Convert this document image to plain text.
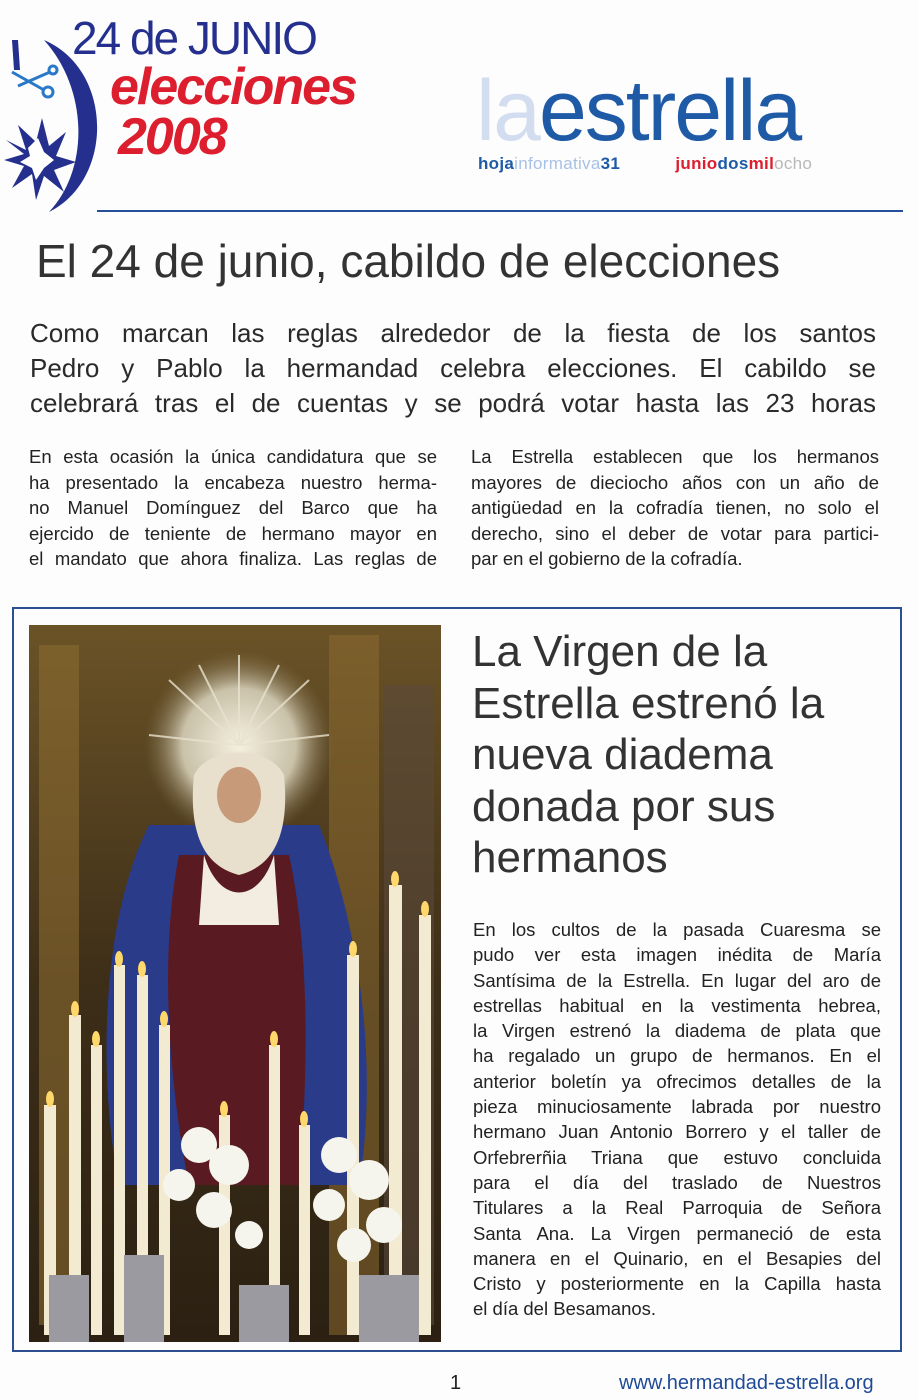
24 de JUNIO
elecciones
2008	laestrella
hojainformativa31	juniodosmilocho
El 24 de junio, cabildo de elecciones
Como marcan las reglas alrededor de la fiesta de los santos
Pedro y Pablo la hermandad celebra elecciones. El cabildo se
celebrará tras el de cuentas y se podrá votar hasta las 23 horas
En esta ocasión la única candidatura que se
ha presentado la encabeza nuestro herma-
no Manuel Domínguez del Barco que ha
ejercido de teniente de hermano mayor en
el mandato que ahora finaliza. Las reglas de
La Estrella establecen que los hermanos
mayores de dieciocho años con un año de
antigüedad en la cofradía tienen, no solo el
derecho, sino el deber de votar para partici-
par en el gobierno de la cofradía.
La Virgen de la
Estrella estrenó la
nueva diadema
donada por sus
hermanos
En los cultos de la pasada Cuaresma se
pudo ver esta imagen inédita de María
Santísima de la Estrella. En lugar del aro de
estrellas habitual en la vestimenta hebrea,
la Virgen estrenó la diadema de plata que
ha regalado un grupo de hermanos. En el
anterior boletín ya ofrecimos detalles de la
pieza minuciosamente labrada por nuestro
hermano Juan Antonio Borrero y el taller de
Orfebrerñia Triana que estuvo concluida
para el día del traslado de Nuestros
Titulares a la Real Parroquia de Señora
Santa Ana. La Virgen permaneció de esta
manera en el Quinario, en el Besapies del
Cristo y posteriormente en la Capilla hasta
el día del Besamanos.
1	www.hermandad-estrella.org
